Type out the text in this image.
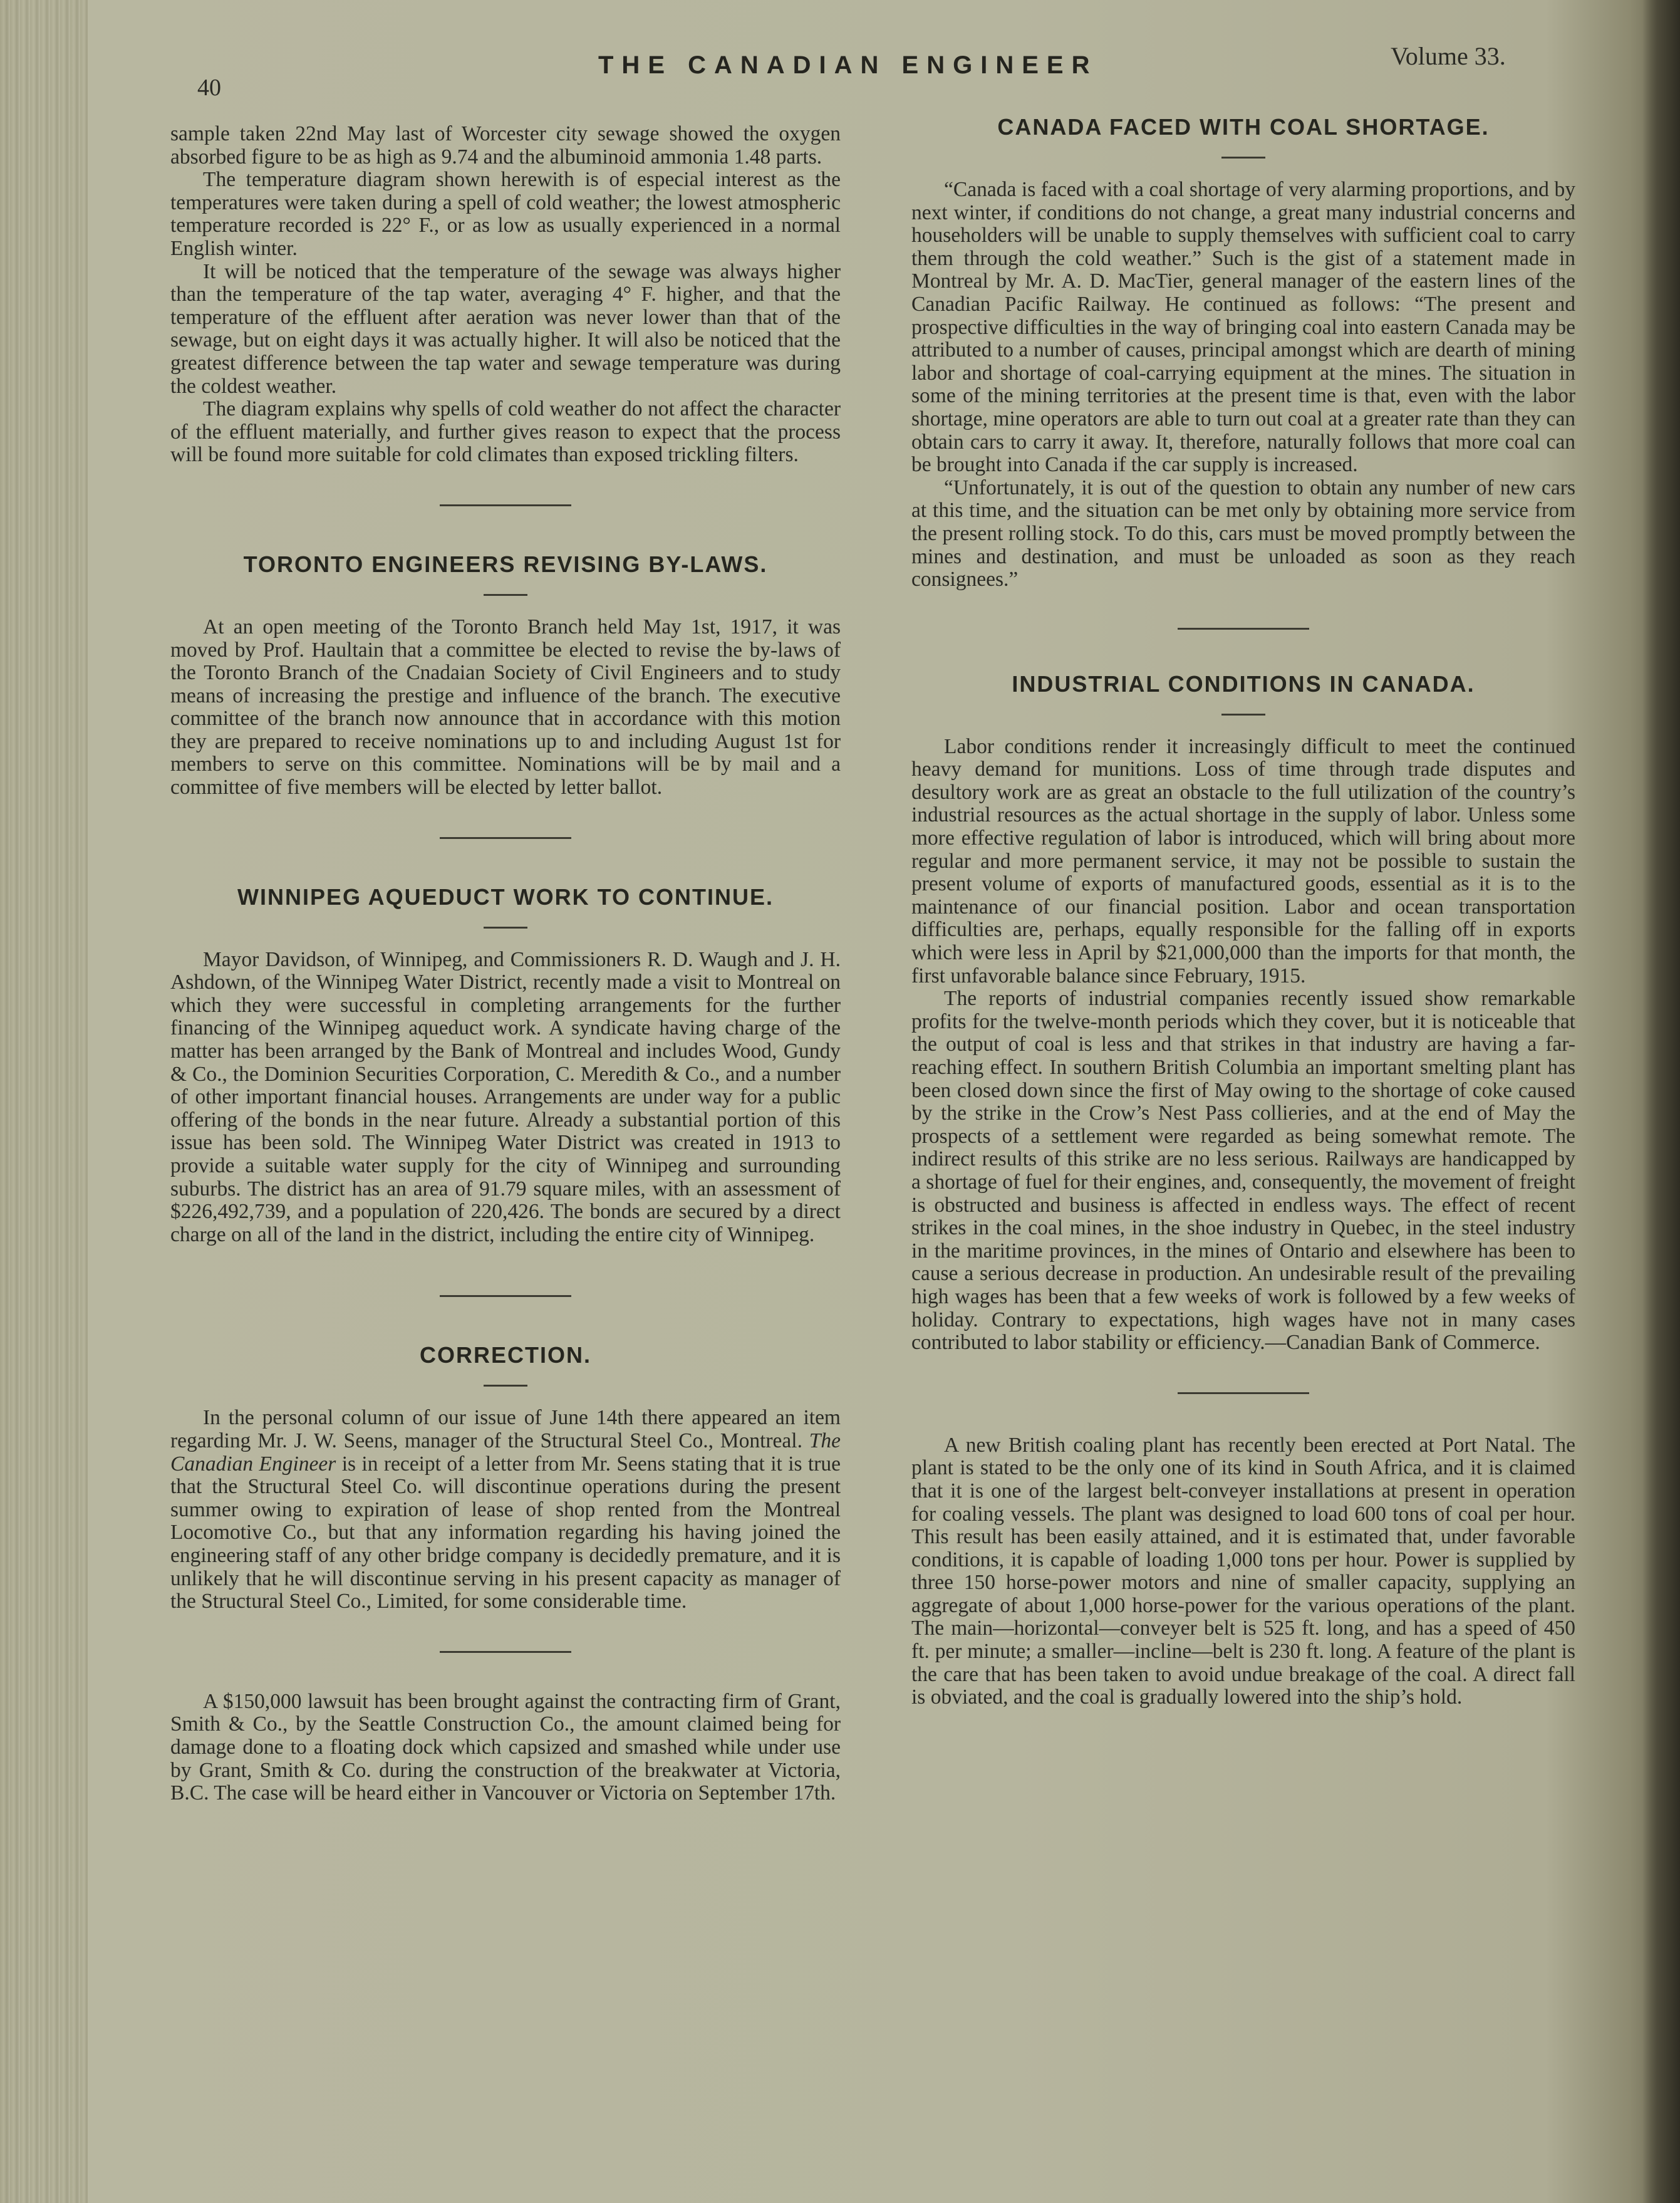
40
THE CANADIAN ENGINEER	Volume 33.

sample taken 22nd May last of Worcester city sewage showed the oxygen absorbed figure to be as high as 9.74 and the albuminoid ammonia 1.48 parts.

The temperature diagram shown herewith is of especial interest as the temperatures were taken during a spell of cold weather; the lowest atmospheric temperature recorded is 22° F., or as low as usually experienced in a normal English winter.

It will be noticed that the temperature of the sewage was always higher than the temperature of the tap water, averaging 4° F. higher, and that the temperature of the effluent after aeration was never lower than that of the sewage, but on eight days it was actually higher. It will also be noticed that the greatest difference between the tap water and sewage temperature was during the coldest weather.

The diagram explains why spells of cold weather do not affect the character of the effluent materially, and further gives reason to expect that the process will be found more suitable for cold climates than exposed trickling filters.

TORONTO ENGINEERS REVISING BY-LAWS.

At an open meeting of the Toronto Branch held May 1st, 1917, it was moved by Prof. Haultain that a committee be elected to revise the by-laws of the Toronto Branch of the Cnadaian Society of Civil Engineers and to study means of increasing the prestige and influence of the branch. The executive committee of the branch now announce that in accordance with this motion they are prepared to receive nominations up to and including August 1st for members to serve on this committee. Nominations will be by mail and a committee of five members will be elected by letter ballot.

WINNIPEG AQUEDUCT WORK TO CONTINUE.

Mayor Davidson, of Winnipeg, and Commissioners R. D. Waugh and J. H. Ashdown, of the Winnipeg Water District, recently made a visit to Montreal on which they were successful in completing arrangements for the further financing of the Winnipeg aqueduct work. A syndicate having charge of the matter has been arranged by the Bank of Montreal and includes Wood, Gundy & Co., the Dominion Securities Corporation, C. Meredith & Co., and a number of other important financial houses. Arrangements are under way for a public offering of the bonds in the near future. Already a substantial portion of this issue has been sold. The Winnipeg Water District was created in 1913 to provide a suitable water supply for the city of Winnipeg and surrounding suburbs. The district has an area of 91.79 square miles, with an assessment of $226,492,739, and a population of 220,426. The bonds are secured by a direct charge on all of the land in the district, including the entire city of Winnipeg.

CORRECTION.

In the personal column of our issue of June 14th there appeared an item regarding Mr. J. W. Seens, manager of the Structural Steel Co., Montreal. The Canadian Engineer is in receipt of a letter from Mr. Seens stating that it is true that the Structural Steel Co. will discontinue operations during the present summer owing to expiration of lease of shop rented from the Montreal Locomotive Co., but that any information regarding his having joined the engineering staff of any other bridge company is decidedly premature, and it is unlikely that he will discontinue serving in his present capacity as manager of the Structural Steel Co., Limited, for some considerable time.

A $150,000 lawsuit has been brought against the contracting firm of Grant, Smith & Co., by the Seattle Construction Co., the amount claimed being for damage done to a floating dock which capsized and smashed while under use by Grant, Smith & Co. during the construction of the breakwater at Victoria, B.C. The case will be heard either in Vancouver or Victoria on September 17th.

CANADA FACED WITH COAL SHORTAGE.

“Canada is faced with a coal shortage of very alarming proportions, and by next winter, if conditions do not change, a great many industrial concerns and householders will be unable to supply themselves with sufficient coal to carry them through the cold weather.” Such is the gist of a statement made in Montreal by Mr. A. D. MacTier, general manager of the eastern lines of the Canadian Pacific Railway. He continued as follows: “The present and prospective difficulties in the way of bringing coal into eastern Canada may be attributed to a number of causes, principal amongst which are dearth of mining labor and shortage of coal-carrying equipment at the mines. The situation in some of the mining territories at the present time is that, even with the labor shortage, mine operators are able to turn out coal at a greater rate than they can obtain cars to carry it away. It, therefore, naturally follows that more coal can be brought into Canada if the car supply is increased.

“Unfortunately, it is out of the question to obtain any number of new cars at this time, and the situation can be met only by obtaining more service from the present rolling stock. To do this, cars must be moved promptly between the mines and destination, and must be unloaded as soon as they reach consignees.”

INDUSTRIAL CONDITIONS IN CANADA.

Labor conditions render it increasingly difficult to meet the continued heavy demand for munitions. Loss of time through trade disputes and desultory work are as great an obstacle to the full utilization of the country’s industrial resources as the actual shortage in the supply of labor. Unless some more effective regulation of labor is introduced, which will bring about more regular and more permanent service, it may not be possible to sustain the present volume of exports of manufactured goods, essential as it is to the maintenance of our financial position. Labor and ocean transportation difficulties are, perhaps, equally responsible for the falling off in exports which were less in April by $21,000,000 than the imports for that month, the first unfavorable balance since February, 1915.

The reports of industrial companies recently issued show remarkable profits for the twelve-month periods which they cover, but it is noticeable that the output of coal is less and that strikes in that industry are having a far-reaching effect. In southern British Columbia an important smelting plant has been closed down since the first of May owing to the shortage of coke caused by the strike in the Crow’s Nest Pass collieries, and at the end of May the prospects of a settlement were regarded as being somewhat remote. The indirect results of this strike are no less serious. Railways are handicapped by a shortage of fuel for their engines, and, consequently, the movement of freight is obstructed and business is affected in endless ways. The effect of recent strikes in the coal mines, in the shoe industry in Quebec, in the steel industry in the maritime provinces, in the mines of Ontario and elsewhere has been to cause a serious decrease in production. An undesirable result of the prevailing high wages has been that a few weeks of work is followed by a few weeks of holiday. Contrary to expectations, high wages have not in many cases contributed to labor stability or efficiency.—Canadian Bank of Commerce.

A new British coaling plant has recently been erected at Port Natal. The plant is stated to be the only one of its kind in South Africa, and it is claimed that it is one of the largest belt-conveyer installations at present in operation for coaling vessels. The plant was designed to load 600 tons of coal per hour. This result has been easily attained, and it is estimated that, under favorable conditions, it is capable of loading 1,000 tons per hour. Power is supplied by three 150 horse-power motors and nine of smaller capacity, supplying an aggregate of about 1,000 horse-power for the various operations of the plant. The main—horizontal—conveyer belt is 525 ft. long, and has a speed of 450 ft. per minute; a smaller—incline—belt is 230 ft. long. A feature of the plant is the care that has been taken to avoid undue breakage of the coal. A direct fall is obviated, and the coal is gradually lowered into the ship’s hold.
